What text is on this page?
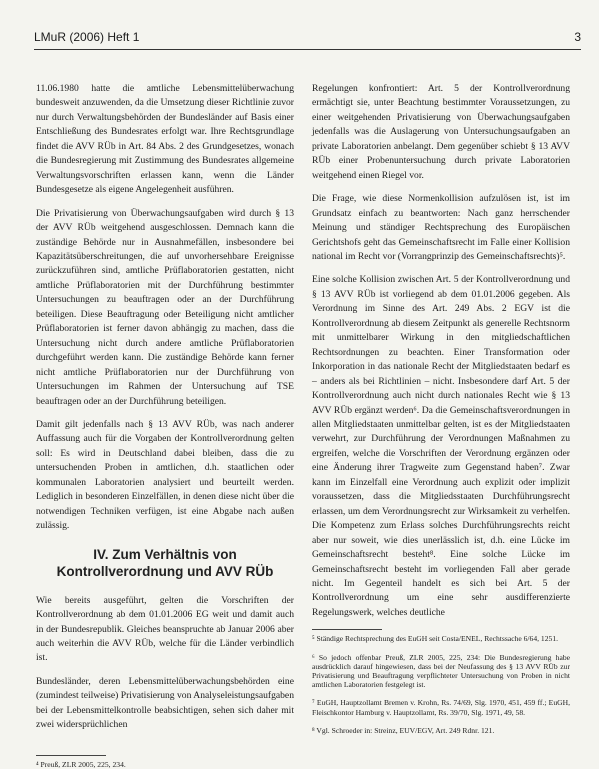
LMuR (2006) Heft 1	3

11.06.1980 hatte die amtliche Lebensmittelüberwachung bundesweit anzuwenden, da die Umsetzung dieser Richtlinie zuvor nur durch Verwaltungsbehörden der Bundesländer auf Basis einer Entschließung des Bundesrates erfolgt war. Ihre Rechtsgrundlage findet die AVV RÜb in Art. 84 Abs. 2 des Grundgesetzes, wonach die Bundesregierung mit Zustimmung des Bundesrates allgemeine Verwaltungsvorschriften erlassen kann, wenn die Länder Bundesgesetze als eigene Angelegenheit ausführen.

Die Privatisierung von Überwachungsaufgaben wird durch § 13 der AVV RÜb weitgehend ausgeschlossen. Demnach kann die zuständige Behörde nur in Ausnahmefällen, insbesondere bei Kapazitätsüberschreitungen, die auf unvorhersehbare Ereignisse zurückzuführen sind, amtliche Prüflaboratorien gestatten, nicht amtliche Prüflaboratorien mit der Durchführung bestimmter Untersuchungen zu beauftragen oder an der Durchführung beteiligen. Diese Beauftragung oder Beteiligung nicht amtlicher Prüflaboratorien ist ferner davon abhängig zu machen, dass die Untersuchung nicht durch andere amtliche Prüflaboratorien durchgeführt werden kann. Die zuständige Behörde kann ferner nicht amtliche Prüflaboratorien nur der Durchführung von Untersuchungen im Rahmen der Untersuchung auf TSE beauftragen oder an der Durchführung beteiligen.

Damit gilt jedenfalls nach § 13 AVV RÜb, was nach anderer Auffassung auch für die Vorgaben der Kontrollverordnung gelten soll: Es wird in Deutschland dabei bleiben, dass die zu untersuchenden Proben in amtlichen, d.h. staatlichen oder kommunalen Laboratorien analysiert und beurteilt werden. Lediglich in besonderen Einzelfällen, in denen diese nicht über die notwendigen Techniken verfügen, ist eine Abgabe nach außen zulässig.

IV. Zum Verhältnis von Kontrollverordnung und AVV RÜb

Wie bereits ausgeführt, gelten die Vorschriften der Kontrollverordnung ab dem 01.01.2006 EG weit und damit auch in der Bundesrepublik. Gleiches beanspruchte ab Januar 2006 aber auch weiterhin die AVV RÜb, welche für die Länder verbindlich ist.

Bundesländer, deren Lebensmittelüberwachungsbehörden eine (zumindest teilweise) Privatisierung von Analyseleistungsaufgaben bei der Lebensmittelkontrolle beabsichtigen, sehen sich daher mit zwei widersprüchlichen

⁴ Preuß, ZLR 2005, 225, 234.

Regelungen konfrontiert: Art. 5 der Kontrollverordnung ermächtigt sie, unter Beachtung bestimmter Voraussetzungen, zu einer weitgehenden Privatisierung von Überwachungsaufgaben jedenfalls was die Auslagerung von Untersuchungsaufgaben an private Laboratorien anbelangt. Dem gegenüber schiebt § 13 AVV RÜb einer Probenuntersuchung durch private Laboratorien weitgehend einen Riegel vor.

Die Frage, wie diese Normenkollision aufzulösen ist, ist im Grundsatz einfach zu beantworten: Nach ganz herrschender Meinung und ständiger Rechtsprechung des Europäischen Gerichtshofs geht das Gemeinschaftsrecht im Falle einer Kollision national im Recht vor (Vorrangprinzip des Gemeinschaftsrechts)⁵.

Eine solche Kollision zwischen Art. 5 der Kontrollverordnung und § 13 AVV RÜb ist vorliegend ab dem 01.01.2006 gegeben. Als Verordnung im Sinne des Art. 249 Abs. 2 EGV ist die Kontrollverordnung ab diesem Zeitpunkt als generelle Rechtsnorm mit unmittelbarer Wirkung in den mitgliedschaftlichen Rechtsordnungen zu beachten. Einer Transformation oder Inkorporation in das nationale Recht der Mitgliedstaaten bedarf es – anders als bei Richtlinien – nicht. Insbesondere darf Art. 5 der Kontrollverordnung auch nicht durch nationales Recht wie § 13 AVV RÜb ergänzt werden⁶. Da die Gemeinschaftsverordnungen in allen Mitgliedstaaten unmittelbar gelten, ist es der Mitgliedstaaten verwehrt, zur Durchführung der Verordnungen Maßnahmen zu ergreifen, welche die Vorschriften der Verordnung ergänzen oder eine Änderung ihrer Tragweite zum Gegenstand haben⁷. Zwar kann im Einzelfall eine Verordnung auch explizit oder implizit voraussetzen, dass die Mitgliedsstaaten Durchführungsrecht erlassen, um dem Verordnungsrecht zur Wirksamkeit zu verhelfen. Die Kompetenz zum Erlass solches Durchführungsrechts reicht aber nur soweit, wie dies unerlässlich ist, d.h. eine Lücke im Gemeinschaftsrecht besteht⁸. Eine solche Lücke im Gemeinschaftsrecht besteht im vorliegenden Fall aber gerade nicht. Im Gegenteil handelt es sich bei Art. 5 der Kontrollverordnung um eine sehr ausdifferenzierte Regelungswerk, welches deutliche

⁵ Ständige Rechtsprechung des EuGH seit Costa/ENEL, Rechtssache 6/64, 1251.

⁶ So jedoch offenbar Preuß, ZLR 2005, 225, 234: Die Bundesregierung habe ausdrücklich darauf hingewiesen, dass bei der Neufassung des § 13 AVV RÜb zur Privatisierung und Beauftragung verpflichteter Untersuchung von Proben in nicht amtlichen Laboratorien festgelegt ist.

⁷ EuGH, Hauptzollamt Bremen v. Krohn, Rs. 74/69, Slg. 1970, 451, 459 ff.; EuGH, Fleischkontor Hamburg v. Hauptzollamt, Rs. 39/70, Slg. 1971, 49, 58.

⁸ Vgl. Schroeder in: Streinz, EUV/EGV, Art. 249 Rdnr. 121.
